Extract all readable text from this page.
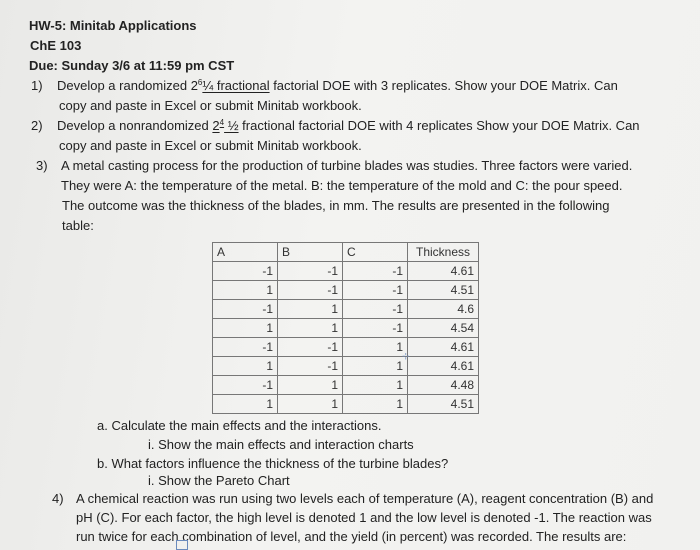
HW-5: Minitab Applications
ChE 103
Due: Sunday 3/6 at 11:59 pm CST
1) Develop a randomized $2^6\frac{1}{4}$ fractional factorial DOE with 3 replicates. Show your DOE Matrix. Can
copy and paste in Excel or submit Minitab workbook.
2) Develop a nonrandomized $2^4$ ½ fractional factorial DOE with 4 replicates Show your DOE Matrix. Can
copy and paste in Excel or submit Minitab workbook.
3) A metal casting process for the production of turbine blades was studies. Three factors were varied.
They were A: the temperature of the metal. B: the temperature of the mold and C: the pour speed.
The outcome was the thickness of the blades, in mm. The results are presented in the following
table:
A	B	C	Thickness
-1	-1	-1	4.61
1	-1	-1	4.51
-1	1	-1	4.6
1	1	-1	4.54
-1	-1	1	4.61
1	-1	1	4.61
-1	1	1	4.48
1	1	1	4.51
a. Calculate the main effects and the interactions.
i. Show the main effects and interaction charts
b. What factors influence the thickness of the turbine blades?
i. Show the Pareto Chart
4) A chemical reaction was run using two levels each of temperature (A), reagent concentration (B) and
pH (C). For each factor, the high level is denoted 1 and the low level is denoted -1. The reaction was
run twice for each combination of level, and the yield (in percent) was recorded. The results are:
⊹
